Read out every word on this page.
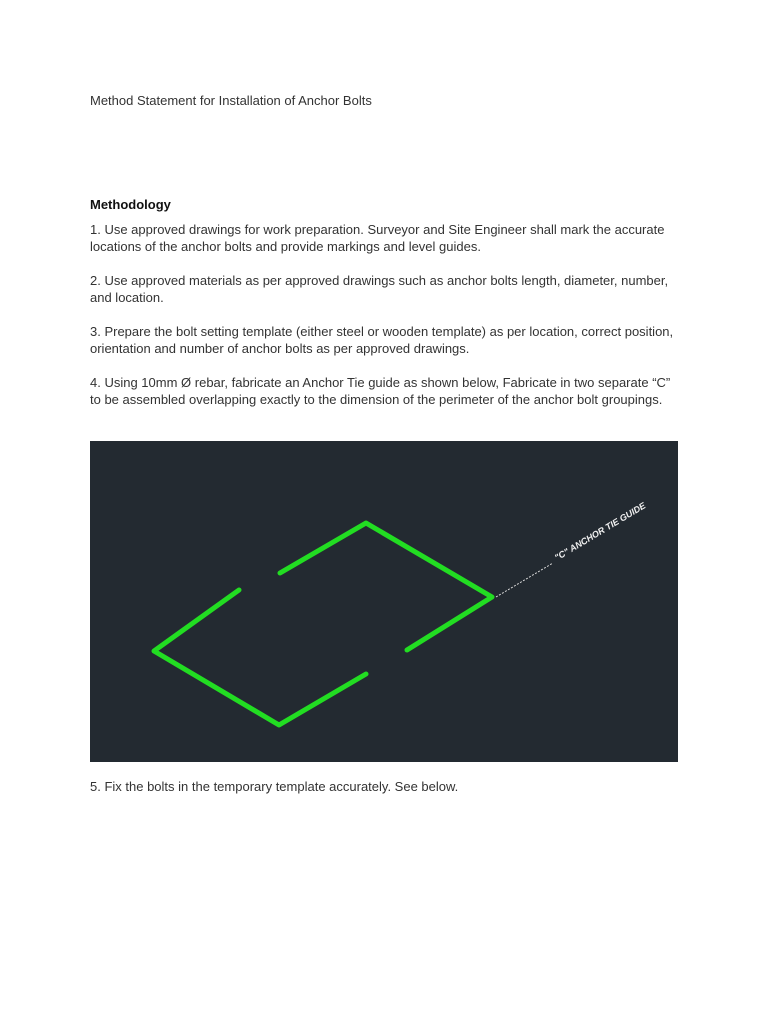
Method Statement for Installation of Anchor Bolts
Methodology

1. Use approved drawings for work preparation. Surveyor and Site Engineer shall mark the accurate locations of the anchor bolts and provide markings and level guides.

2. Use approved materials as per approved drawings such as anchor bolts length, diameter, number, and location.

3. Prepare the bolt setting template (either steel or wooden template) as per location, correct position, orientation and number of anchor bolts as per approved drawings.

4. Using 10mm Ø rebar, fabricate an Anchor Tie guide as shown below, Fabricate in two separate “C” to be assembled overlapping exactly to the dimension of the perimeter of the anchor bolt groupings.

"C" ANCHOR TIE GUIDE

5. Fix the bolts in the temporary template accurately. See below.
